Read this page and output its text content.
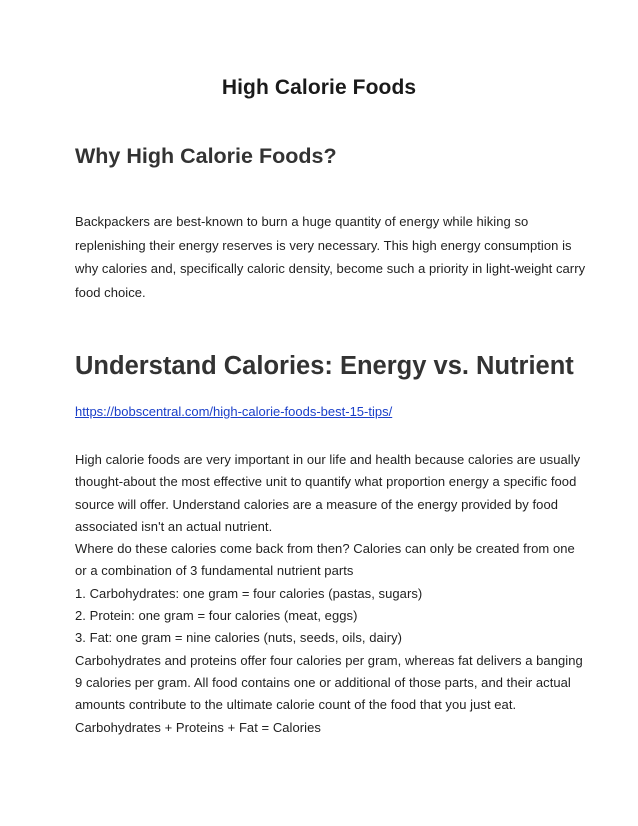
High Calorie Foods
Why High Calorie Foods?

Backpackers are best-known to burn a huge quantity of energy while hiking so
replenishing their energy reserves is very necessary. This high energy consumption is
why calories and, specifically caloric density, become such a priority in light-weight carry
food choice.

Understand Calories: Energy vs. Nutrient
https://bobscentral.com/high-calorie-foods-best-15-tips/

High calorie foods are very important in our life and health because calories are usually
thought-about the most effective unit to quantify what proportion energy a specific food
source will offer. Understand calories are a measure of the energy provided by food
associated isn't an actual nutrient.
Where do these calories come back from then? Calories can only be created from one
or a combination of 3 fundamental nutrient parts
1. Carbohydrates: one gram = four calories (pastas, sugars)
2. Protein: one gram = four calories (meat, eggs)
3. Fat: one gram = nine calories (nuts, seeds, oils, dairy)
Carbohydrates and proteins offer four calories per gram, whereas fat delivers a banging
9 calories per gram. All food contains one or additional of those parts, and their actual
amounts contribute to the ultimate calorie count of the food that you just eat.
Carbohydrates + Proteins + Fat = Calories
